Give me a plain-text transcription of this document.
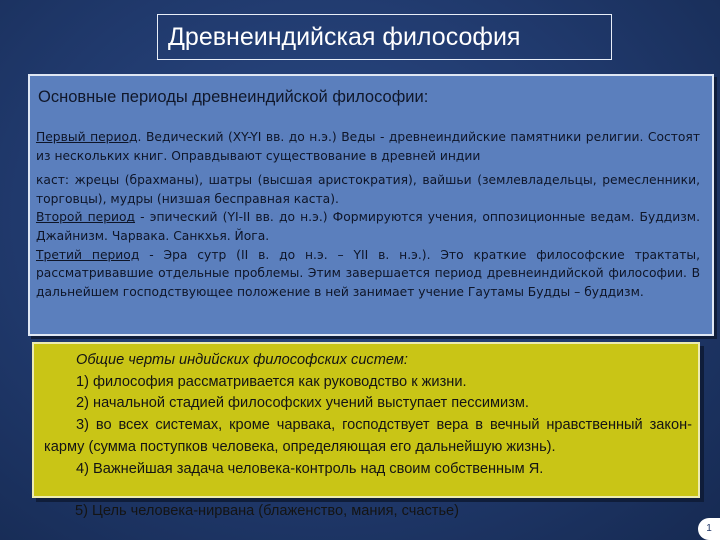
Древнеиндийская философия
Основные периоды древнеиндийской философии:

Первый период. Ведический (XY-YI вв. до н.э.) Веды - древнеиндийские памятники религии. Состоят из нескольких книг. Оправдывают существование в древней индии

каст: жрецы (брахманы), шатры (высшая аристократия), вайшьи (землевладельцы, ремесленники, торговцы), мудры (низшая бесправная каста).

Второй период - эпический (YI-II вв. до н.э.) Формируются учения, оппозиционные ведам. Буддизм. Джайнизм. Чарвака. Санкхья. Йога.

Третий период - Эра сутр (II в. до н.э. – YII в. н.э.). Это краткие философские трактаты, рассматривавшие отдельные проблемы. Этим завершается период древнеиндийской философии. В дальнейшем господствующее положение в ней занимает учение Гаутамы Будды – буддизм.

Общие черты индийских философских систем:

1) философия рассматривается как руководство к жизни.

2) начальной стадией философских учений выступает пессимизм.

3) во всех системах, кроме чарвака, господствует вера в вечный нравственный закон-карму (сумма поступков человека, определяющая его дальнейшую жизнь).

4) Важнейшая задача человека-контроль над своим собственным Я.

5) Цель человека-нирвана (блаженство, мания, счастье)
1
